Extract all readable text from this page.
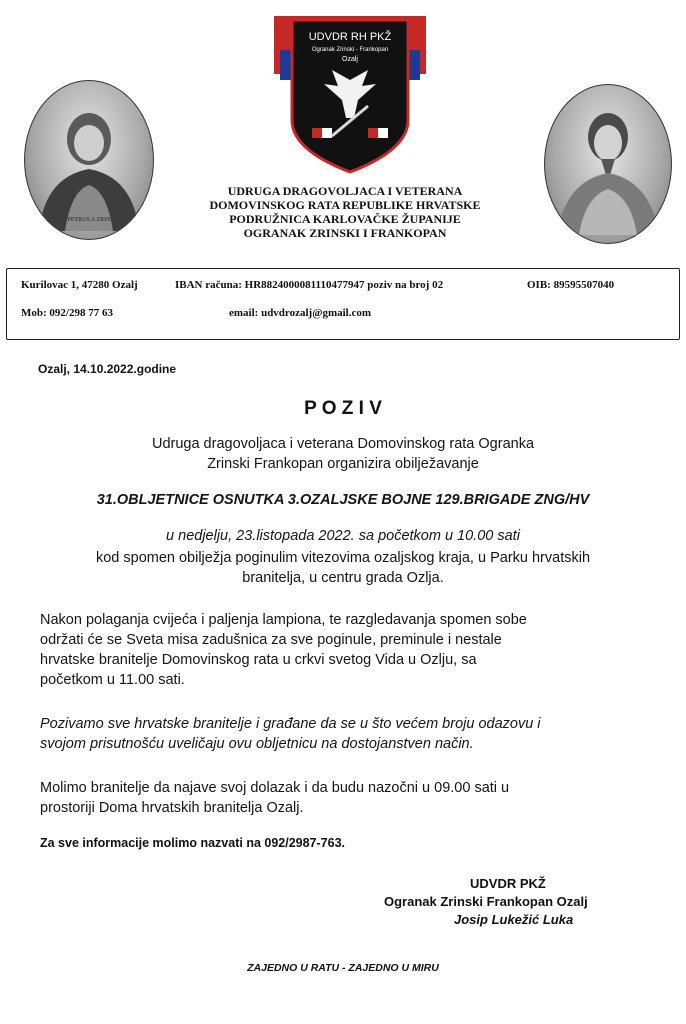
UDVDR RH PKŽ
Ogranak Zrinski - Frankopan
Ozalj
PETRUS A ZRIN
UDRUGA DRAGOVOLJACA I VETERANA
DOMOVINSKOG RATA REPUBLIKE HRVATSKE
PODRUŽNICA KARLOVAČKE ŽUPANIJE
OGRANAK ZRINSKI I FRANKOPAN
Kurilovac 1, 47280 Ozalj	IBAN računa: HR8824000081110477947 poziv na broj 02	OIB: 89595507040
Mob: 092/298 77 63	email: udvdrozalj@gmail.com
Ozalj, 14.10.2022.godine
P O Z I V
Udruga dragovoljaca i veterana Domovinskog rata Ogranka
Zrinski Frankopan organizira obilježavanje
31.OBLJETNICE OSNUTKA 3.OZALJSKE BOJNE 129.BRIGADE ZNG/HV
u nedjelju, 23.listopada 2022. sa početkom u 10.00 sati
kod spomen obilježja poginulim vitezovima ozaljskog kraja, u Parku hrvatskih
branitelja, u centru grada Ozlja.
Nakon polaganja cvijeća i paljenja lampiona, te razgledavanja spomen sobe
održati će se Sveta misa zadušnica za sve poginule, preminule i nestale
hrvatske branitelje Domovinskog rata u crkvi svetog Vida u Ozlju, sa
početkom u 11.00 sati.
Pozivamo sve hrvatske branitelje i građane da se u što većem broju odazovu i
svojom prisutnošću uveličaju ovu obljetnicu na dostojanstven način.
Molimo branitelje da najave svoj dolazak i da budu nazočni u 09.00 sati u
prostoriji Doma hrvatskih branitelja Ozalj.
Za sve informacije molimo nazvati na 092/2987-763.
UDVDR PKŽ
Ogranak Zrinski Frankopan Ozalj
Josip Lukežić Luka
ZAJEDNO U RATU - ZAJEDNO U MIRU
